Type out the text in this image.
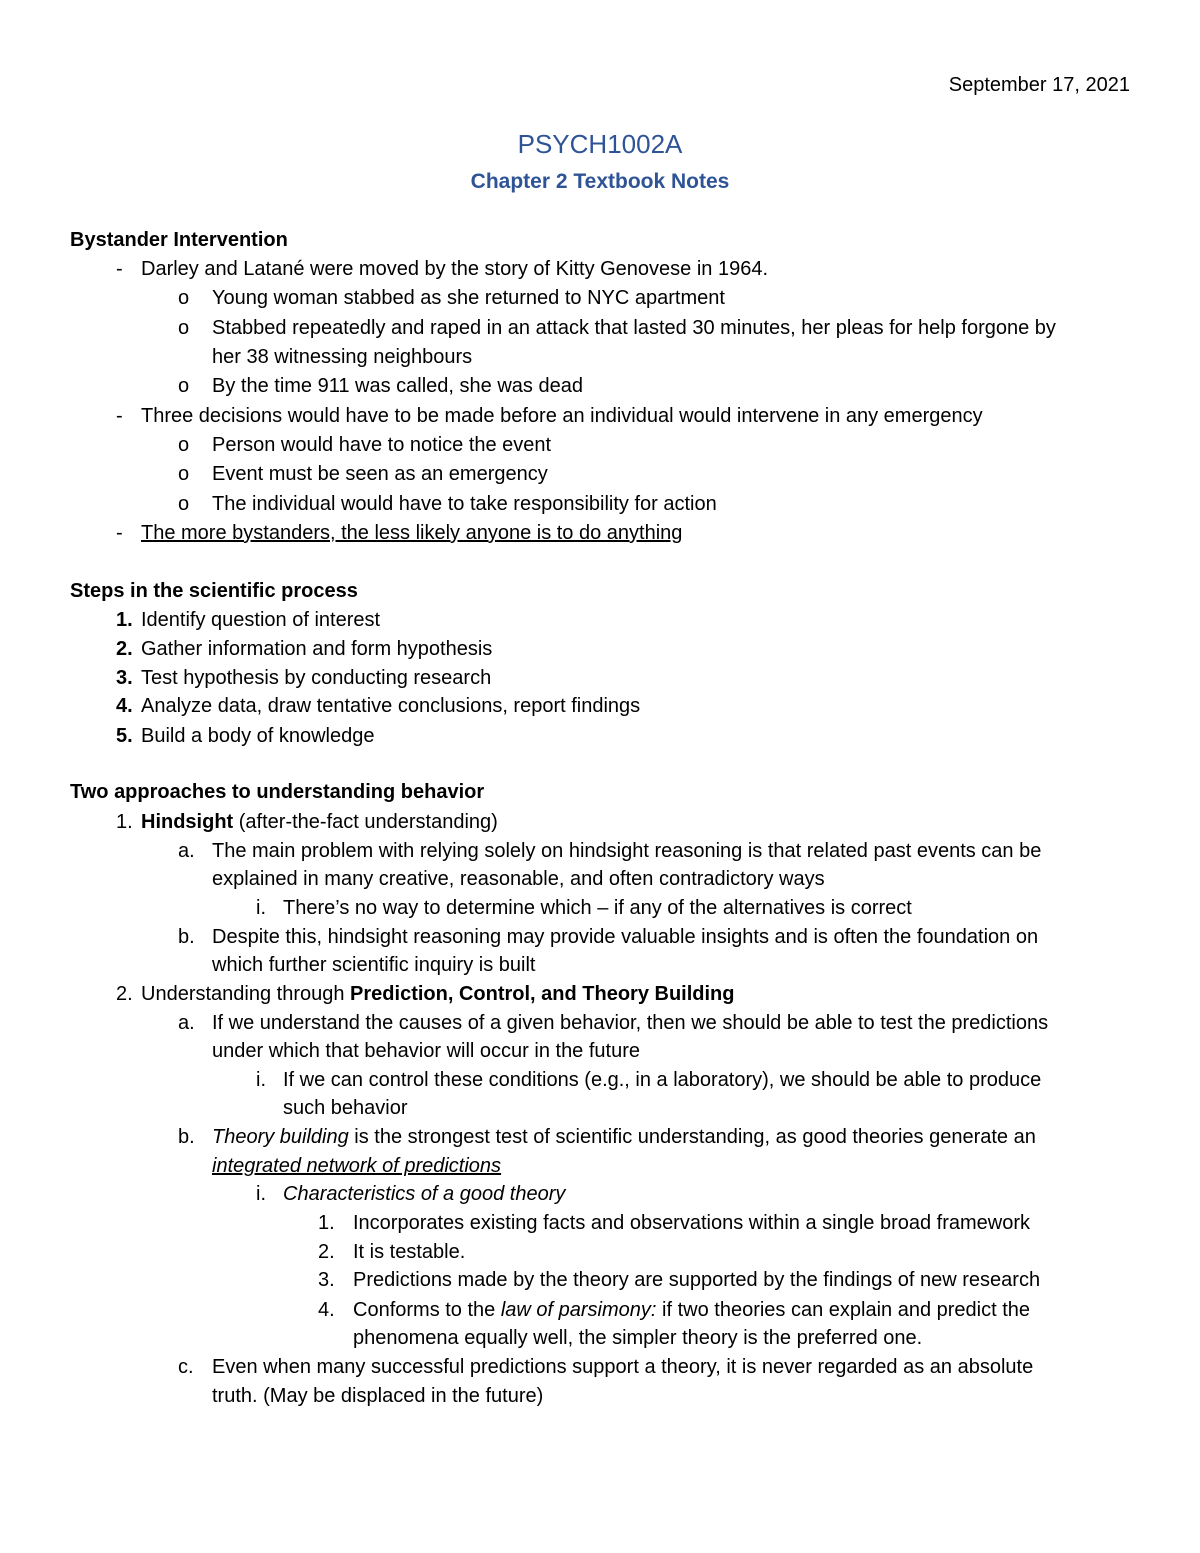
September 17, 2021
PSYCH1002A
Chapter 2 Textbook Notes
Bystander Intervention
- Darley and Latané were moved by the story of Kitty Genovese in 1964.
o Young woman stabbed as she returned to NYC apartment
o Stabbed repeatedly and raped in an attack that lasted 30 minutes, her pleas for help forgone by
her 38 witnessing neighbours
o By the time 911 was called, she was dead
- Three decisions would have to be made before an individual would intervene in any emergency
o Person would have to notice the event
o Event must be seen as an emergency
o The individual would have to take responsibility for action
- The more bystanders, the less likely anyone is to do anything
Steps in the scientific process
1. Identify question of interest
2. Gather information and form hypothesis
3. Test hypothesis by conducting research
4. Analyze data, draw tentative conclusions, report findings
5. Build a body of knowledge
Two approaches to understanding behavior
1. Hindsight (after-the-fact understanding)
a. The main problem with relying solely on hindsight reasoning is that related past events can be
explained in many creative, reasonable, and often contradictory ways
i. There’s no way to determine which – if any of the alternatives is correct
b. Despite this, hindsight reasoning may provide valuable insights and is often the foundation on
which further scientific inquiry is built
2. Understanding through Prediction, Control, and Theory Building
a. If we understand the causes of a given behavior, then we should be able to test the predictions
under which that behavior will occur in the future
i. If we can control these conditions (e.g., in a laboratory), we should be able to produce
such behavior
b. Theory building is the strongest test of scientific understanding, as good theories generate an
integrated network of predictions
i. Characteristics of a good theory
1. Incorporates existing facts and observations within a single broad framework
2. It is testable.
3. Predictions made by the theory are supported by the findings of new research
4. Conforms to the law of parsimony: if two theories can explain and predict the
phenomena equally well, the simpler theory is the preferred one.
c. Even when many successful predictions support a theory, it is never regarded as an absolute
truth. (May be displaced in the future)
